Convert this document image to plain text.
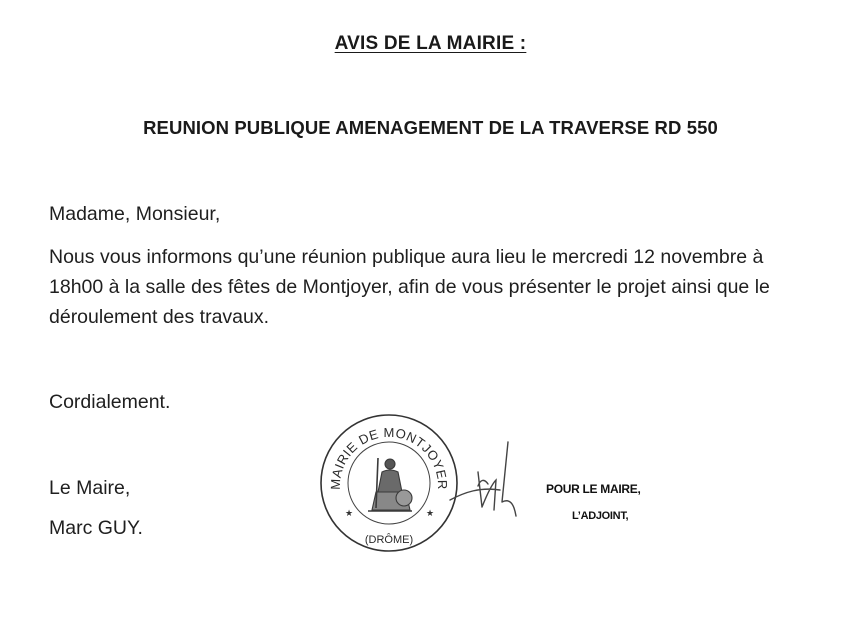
AVIS DE LA MAIRIE :
REUNION PUBLIQUE AMENAGEMENT DE LA TRAVERSE RD 550
Madame, Monsieur,
Nous vous informons qu’une réunion publique aura lieu le mercredi 12 novembre à 18h00 à la salle des fêtes de Montjoyer, afin de vous présenter le projet ainsi que le déroulement des travaux.
Cordialement.
Le Maire,
Marc GUY.
MAIRIE DE MONTJOYER
(DRÔME)
★	★
POUR LE MAIRE,
L’ADJOINT,
